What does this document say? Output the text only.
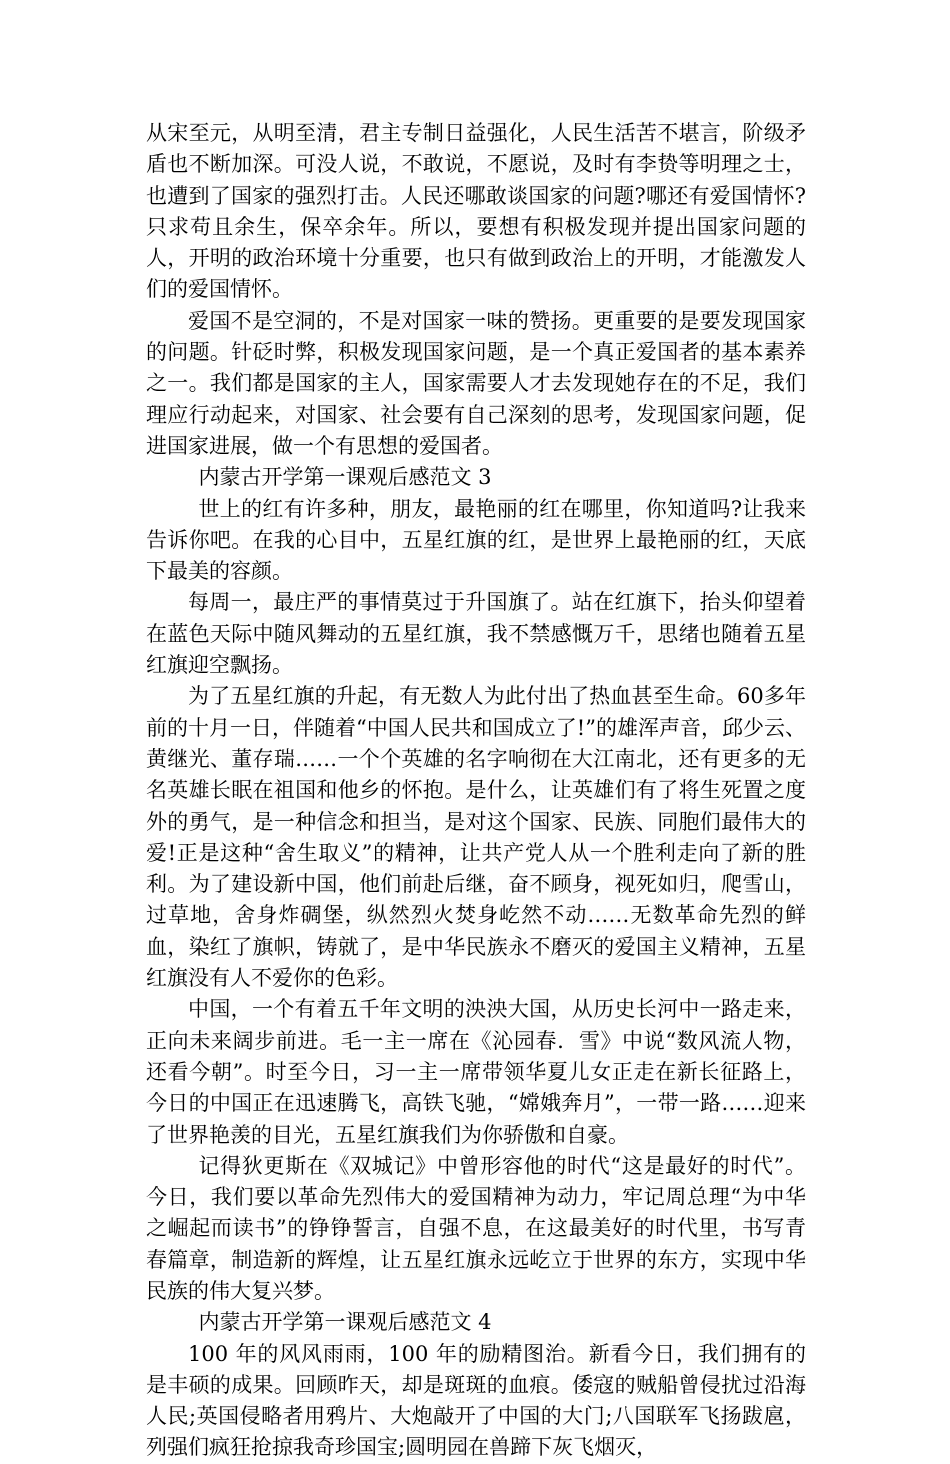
从宋至元，从明至清，君主专制日益强化，人民生活苦不堪言，阶级矛盾也不断加深。可没人说，不敢说，不愿说，及时有李贽等明理之士，也遭到了国家的强烈打击。人民还哪敢谈国家的问题?哪还有爱国情怀?只求苟且余生，保卒余年。所以，要想有积极发现并提出国家问题的人，开明的政治环境十分重要，也只有做到政治上的开明，才能激发人们的爱国情怀。

爱国不是空洞的，不是对国家一味的赞扬。更重要的是要发现国家的问题。针砭时弊，积极发现国家问题，是一个真正爱国者的基本素养之一。我们都是国家的主人，国家需要人才去发现她存在的不足，我们理应行动起来，对国家、社会要有自己深刻的思考，发现国家问题，促进国家进展，做一个有思想的爱国者。

内蒙古开学第一课观后感范文 3

世上的红有许多种，朋友，最艳丽的红在哪里，你知道吗?让我来告诉你吧。在我的心目中，五星红旗的红，是世界上最艳丽的红，天底下最美的容颜。

每周一，最庄严的事情莫过于升国旗了。站在红旗下，抬头仰望着在蓝色天际中随风舞动的五星红旗，我不禁感慨万千，思绪也随着五星红旗迎空飘扬。

为了五星红旗的升起，有无数人为此付出了热血甚至生命。60多年前的十月一日，伴随着“中国人民共和国成立了!”的雄浑声音，邱少云、黄继光、董存瑞……一个个英雄的名字响彻在大江南北，还有更多的无名英雄长眠在祖国和他乡的怀抱。是什么，让英雄们有了将生死置之度外的勇气，是一种信念和担当，是对这个国家、民族、同胞们最伟大的爱!正是这种“舍生取义”的精神，让共产党人从一个胜利走向了新的胜利。为了建设新中国，他们前赴后继，奋不顾身，视死如归，爬雪山，过草地，舍身炸碉堡，纵然烈火焚身屹然不动……无数革命先烈的鲜血，染红了旗帜，铸就了，是中华民族永不磨灭的爱国主义精神，五星红旗没有人不爱你的色彩。

中国，一个有着五千年文明的泱泱大国，从历史长河中一路走来，正向未来阔步前进。毛一主一席在《沁园春．雪》中说“数风流人物，还看今朝”。时至今日，习一主一席带领华夏儿女正走在新长征路上，今日的中国正在迅速腾飞，高铁飞驰，“嫦娥奔月”，一带一路……迎来了世界艳羡的目光，五星红旗我们为你骄傲和自豪。

记得狄更斯在《双城记》中曾形容他的时代“这是最好的时代”。今日，我们要以革命先烈伟大的爱国精神为动力，牢记周总理“为中华之崛起而读书”的铮铮誓言，自强不息，在这最美好的时代里，书写青春篇章，制造新的辉煌，让五星红旗永远屹立于世界的东方，实现中华民族的伟大复兴梦。

内蒙古开学第一课观后感范文 4

100 年的风风雨雨，100 年的励精图治。新看今日，我们拥有的是丰硕的成果。回顾昨天，却是斑斑的血痕。倭寇的贼船曾侵扰过沿海人民;英国侵略者用鸦片、大炮敲开了中国的大门;八国联军飞扬跋扈，列强们疯狂抢掠我奇珍国宝;圆明园在兽蹄下灰飞烟灭，
